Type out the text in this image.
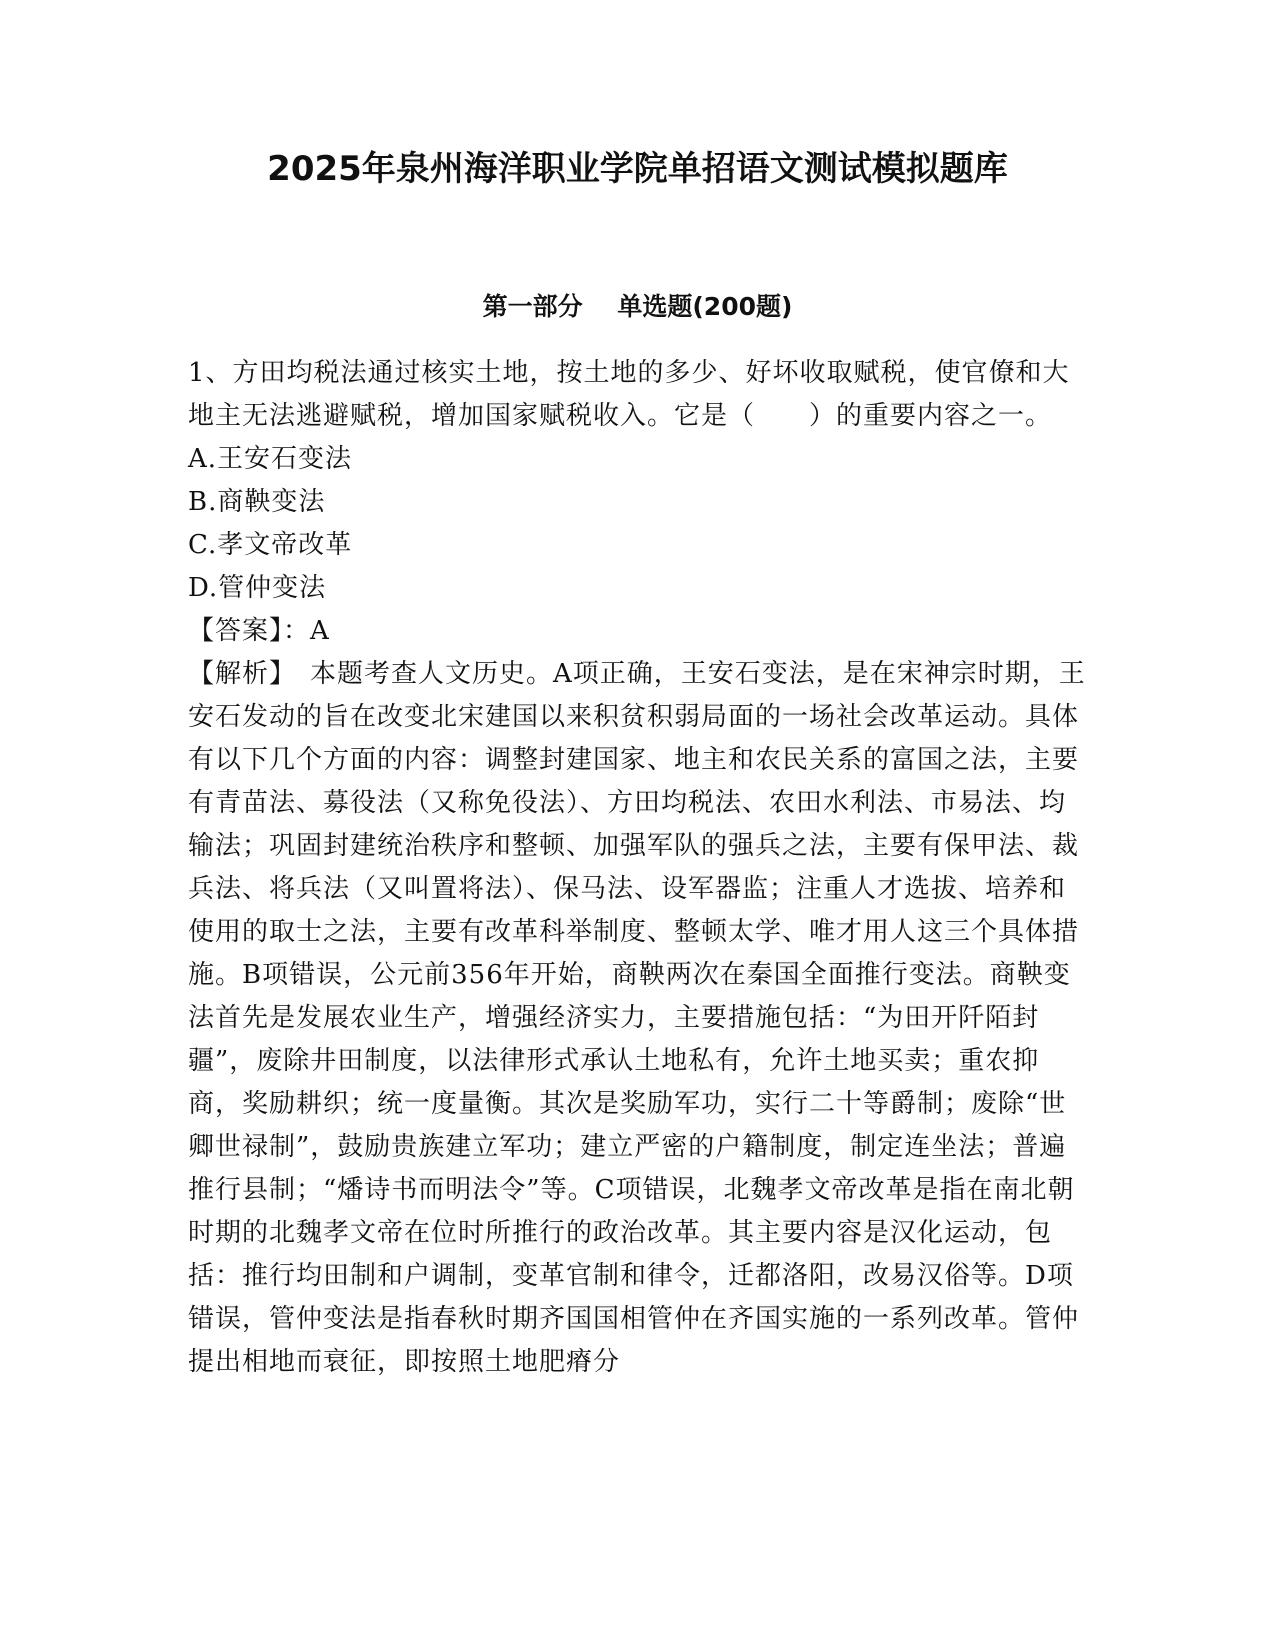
2025年泉州海洋职业学院单招语文测试模拟题库
第一部分    单选题(200题)

1、方田均税法通过核实土地，按土地的多少、好坏收取赋税，使官僚和大地主无法逃避赋税，增加国家赋税收入。它是（　　）的重要内容之一。

A.王安石变法

B.商鞅变法

C.孝文帝改革

D.管仲变法

【答案】：A

【解析】　本题考查人文历史。A项正确，王安石变法，是在宋神宗时期，王安石发动的旨在改变北宋建国以来积贫积弱局面的一场社会改革运动。具体有以下几个方面的内容：调整封建国家、地主和农民关系的富国之法，主要有青苗法、募役法（又称免役法）、方田均税法、农田水利法、市易法、均输法；巩固封建统治秩序和整顿、加强军队的强兵之法，主要有保甲法、裁兵法、将兵法（又叫置将法）、保马法、设军器监；注重人才选拔、培养和使用的取士之法，主要有改革科举制度、整顿太学、唯才用人这三个具体措施。B项错误，公元前356年开始，商鞅两次在秦国全面推行变法。商鞅变法首先是发展农业生产，增强经济实力，主要措施包括：“为田开阡陌封疆”，废除井田制度，以法律形式承认土地私有，允许土地买卖；重农抑商，奖励耕织；统一度量衡。其次是奖励军功，实行二十等爵制；废除“世卿世禄制”，鼓励贵族建立军功；建立严密的户籍制度，制定连坐法；普遍推行县制；“燔诗书而明法令”等。C项错误，北魏孝文帝改革是指在南北朝时期的北魏孝文帝在位时所推行的政治改革。其主要内容是汉化运动，包括：推行均田制和户调制，变革官制和律令，迁都洛阳，改易汉俗等。D项错误，管仲变法是指春秋时期齐国国相管仲在齐国实施的一系列改革。管仲提出相地而衰征，即按照土地肥瘠分
